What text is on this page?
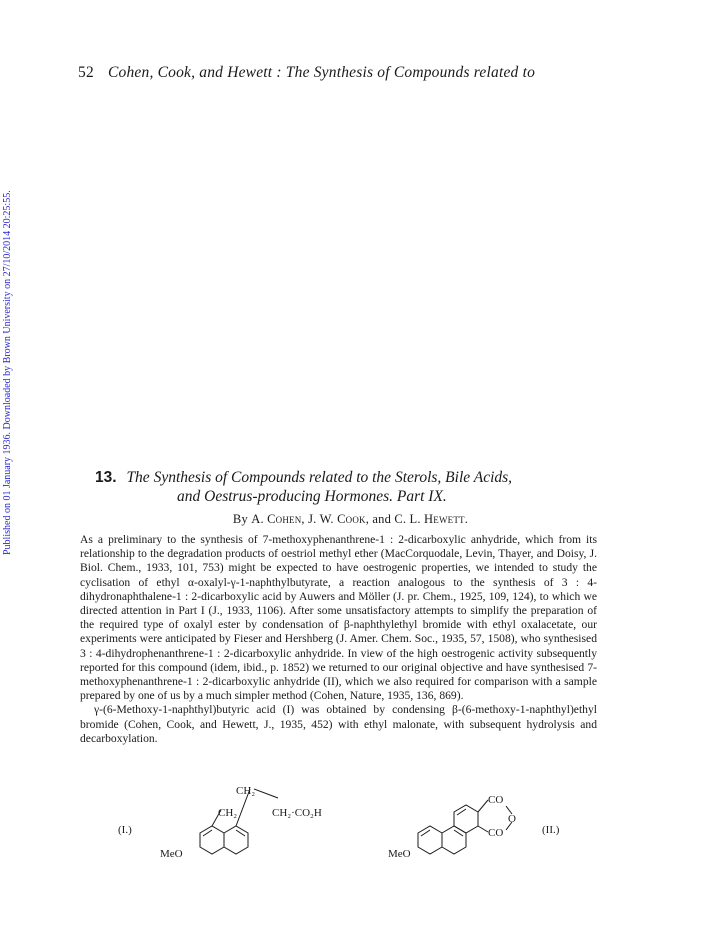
52 Cohen, Cook, and Hewett : The Synthesis of Compounds related to
Published on 01 January 1936. Downloaded by Brown University on 27/10/2014 20:25:55.	13. The Synthesis of Compounds related to the Sterols, Bile Acids,
and Oestrus-producing Hormones. Part IX.
By A. Cohen, J. W. Cook, and C. L. Hewett.

As a preliminary to the synthesis of 7-methoxyphenanthrene-1 : 2-dicarboxylic anhydride, which from its relationship to the degradation products of oestriol methyl ether (MacCorquodale, Levin, Thayer, and Doisy, J. Biol. Chem., 1933, 101, 753) might be expected to have oestrogenic properties, we intended to study the cyclisation of ethyl α-oxalyl-γ-1-naphthylbutyrate, a reaction analogous to the synthesis of 3 : 4-dihydronaphthalene-1 : 2-dicarboxylic acid by Auwers and Möller (J. pr. Chem., 1925, 109, 124), to which we directed attention in Part I (J., 1933, 1106). After some unsatisfactory attempts to simplify the preparation of the required type of oxalyl ester by condensation of β-naphthylethyl bromide with ethyl oxalacetate, our experiments were anticipated by Fieser and Hershberg (J. Amer. Chem. Soc., 1935, 57, 1508), who synthesised 3 : 4-dihydrophenanthrene-1 : 2-dicarboxylic anhydride. In view of the high oestrogenic activity subsequently reported for this compound (idem, ibid., p. 1852) we returned to our original objective and have synthesised 7-methoxyphenanthrene-1 : 2-dicarboxylic anhydride (II), which we also required for comparison with a sample prepared by one of us by a much simpler method (Cohen, Nature, 1935, 136, 869).

γ-(6-Methoxy-1-naphthyl)butyric acid (I) was obtained by condensing β-(6-methoxy-1-naphthyl)ethyl bromide (Cohen, Cook, and Hewett, J., 1935, 452) with ethyl malonate, with subsequent hydrolysis and decarboxylation.

(I.)
CH₂
CH₂	CH₂·CO₂H
MeO
CO
O
CO	(II.)
MeO
